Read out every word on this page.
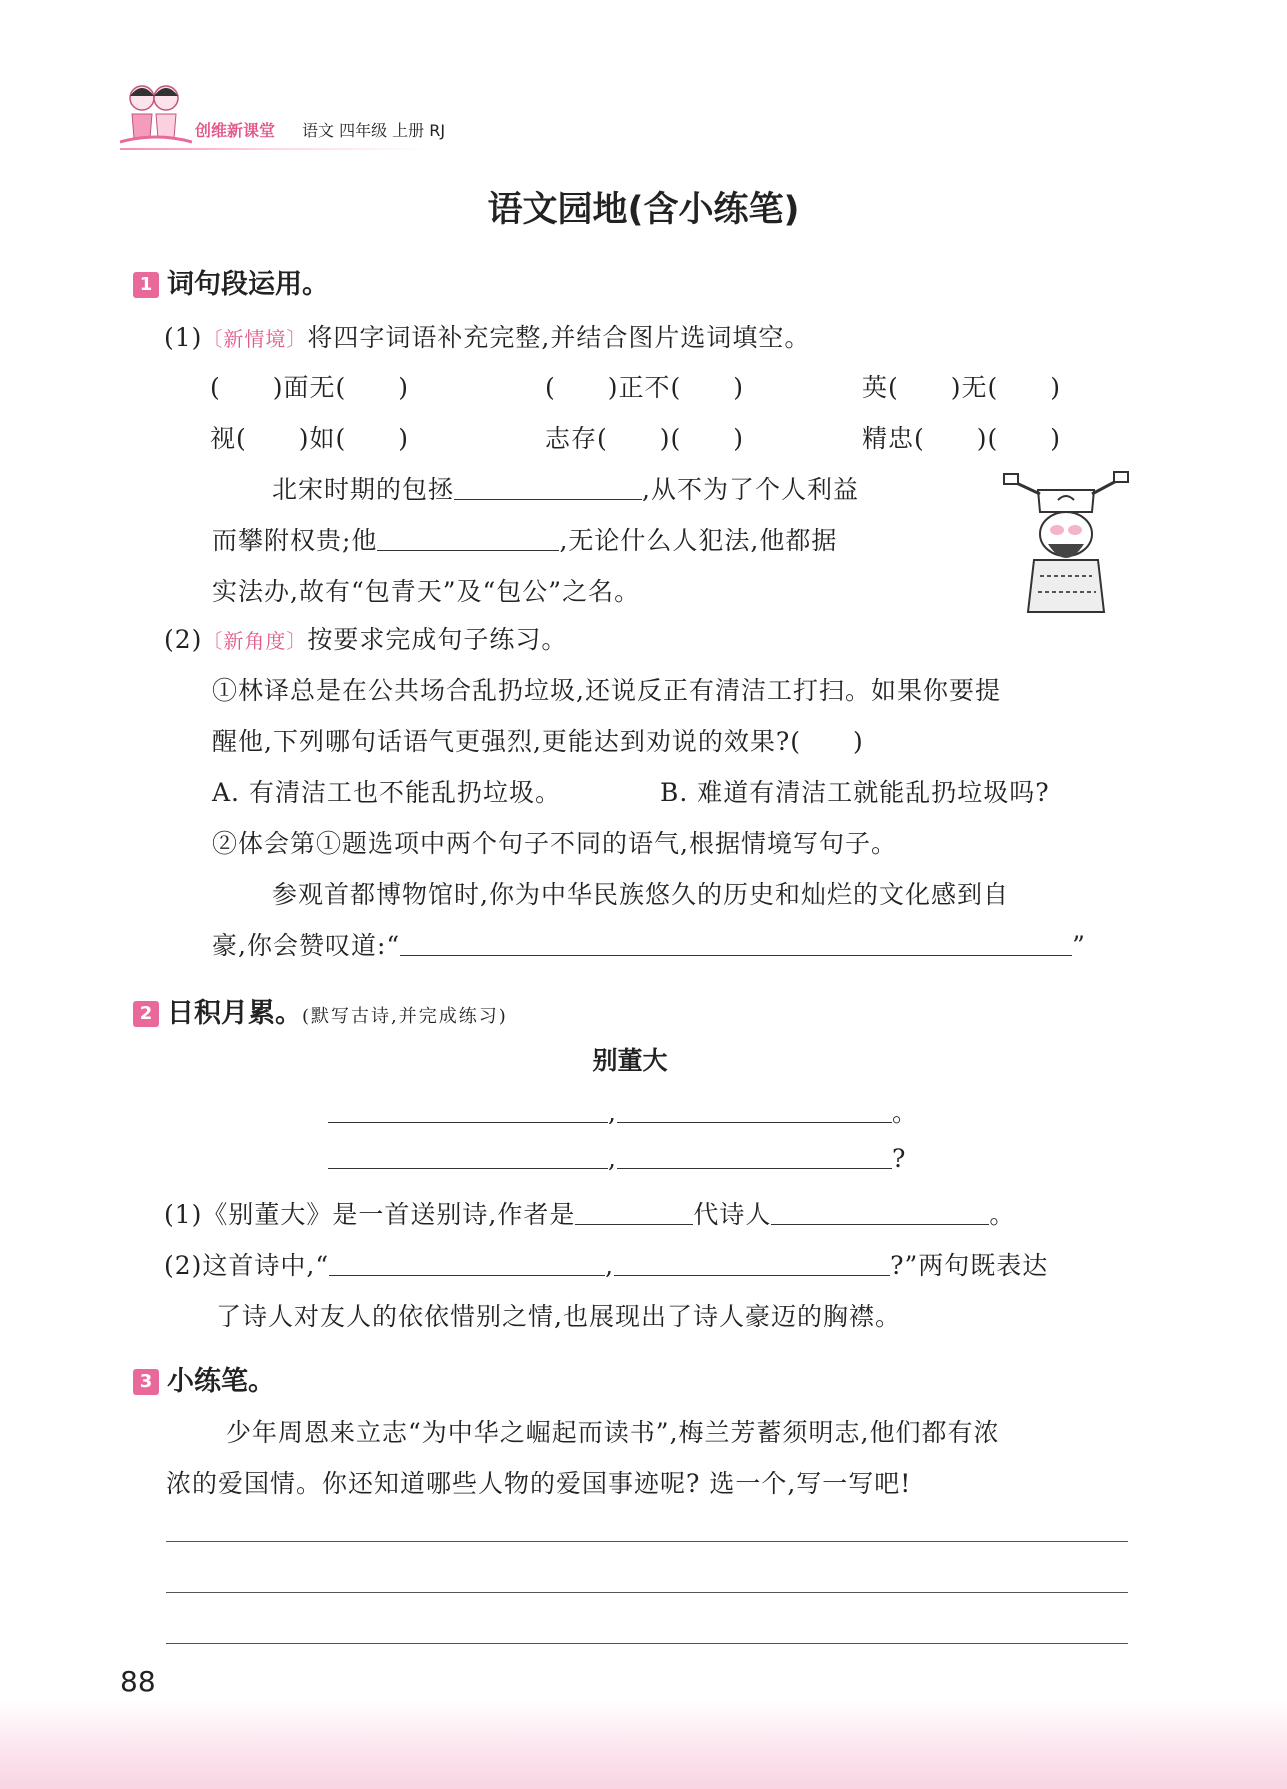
创维新课堂 语文 四年级 上册 RJ
语文园地(含小练笔)
1 词句段运用。
(1)〔新情境〕将四字词语补充完整,并结合图片选词填空。
(　　)面无(　　)	(　　)正不(　　)	英(　　)无(　　)
视(　　)如(　　)	志存(　　)(　　)	精忠(　　)(　　)
北宋时期的包拯	,从不为了个人利益
而攀附权贵;他	,无论什么人犯法,他都据
实法办,故有“包青天”及“包公”之名。
(2)〔新角度〕按要求完成句子练习。
①林译总是在公共场合乱扔垃圾,还说反正有清洁工打扫。如果你要提
醒他,下列哪句话语气更强烈,更能达到劝说的效果?(　　)
A. 有清洁工也不能乱扔垃圾。	B. 难道有清洁工就能乱扔垃圾吗?
②体会第①题选项中两个句子不同的语气,根据情境写句子。
参观首都博物馆时,你为中华民族悠久的历史和灿烂的文化感到自
豪,你会赞叹道:“	”
2 日积月累。(默写古诗,并完成练习)
别董大
,	。
,	?
(1)《别董大》是一首送别诗,作者是	代诗人	。
(2)这首诗中,“	,	?”两句既表达
了诗人对友人的依依惜别之情,也展现出了诗人豪迈的胸襟。
3 小练笔。
少年周恩来立志“为中华之崛起而读书”,梅兰芳蓄须明志,他们都有浓
浓的爱国情。你还知道哪些人物的爱国事迹呢? 选一个,写一写吧!
88
